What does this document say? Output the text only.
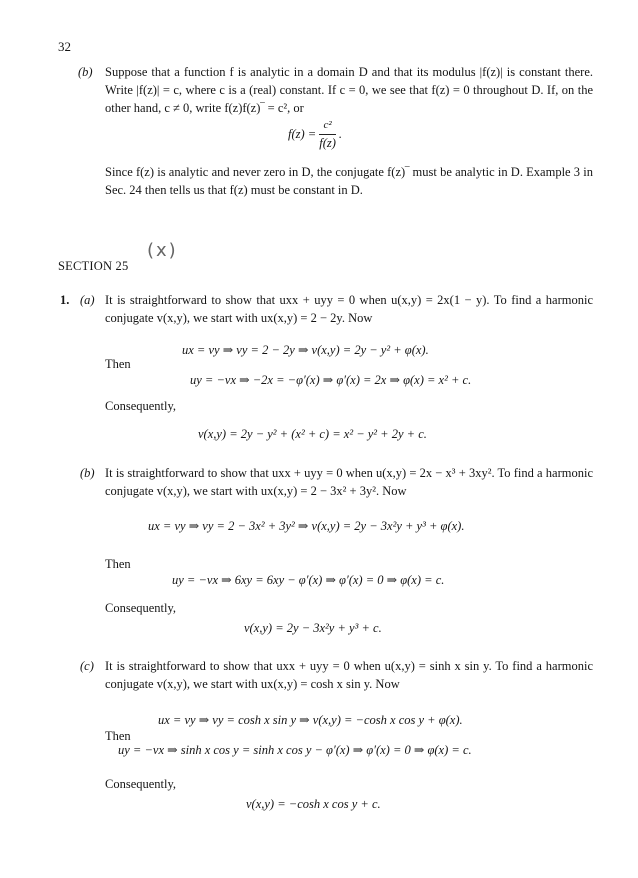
32
(b) Suppose that a function f is analytic in a domain D and that its modulus |f(z)| is constant there. Write |f(z)| = c, where c is a (real) constant. If c = 0, we see that f(z) = 0 throughout D. If, on the other hand, c ≠ 0, write f(z)f(z)‾ = c², or
$f(z) = \frac{\text{c²}}{f(z)}$ .
Since f(z) is analytic and never zero in D, the conjugate f(z)‾ must be analytic in D. Example 3 in Sec. 24 then tells us that f(z) must be constant in D.
SECTION 25
(x)
1. (a) It is straightforward to show that uxx + uyy = 0 when u(x,y) = 2x(1 − y). To find a harmonic conjugate v(x,y), we start with ux(x,y) = 2 − 2y. Now
ux = vy ⇒ vy = 2 − 2y ⇒ v(x,y) = 2y − y² + φ(x).
Then
uy = −vx ⇒ −2x = −φ′(x) ⇒ φ′(x) = 2x ⇒ φ(x) = x² + c.
Consequently,
v(x,y) = 2y − y² + (x² + c) = x² − y² + 2y + c.
(b) It is straightforward to show that uxx + uyy = 0 when u(x,y) = 2x − x³ + 3xy². To find a harmonic conjugate v(x,y), we start with ux(x,y) = 2 − 3x² + 3y². Now
ux = vy ⇒ vy = 2 − 3x² + 3y² ⇒ v(x,y) = 2y − 3x²y + y³ + φ(x).
Then
uy = −vx ⇒ 6xy = 6xy − φ′(x) ⇒ φ′(x) = 0 ⇒ φ(x) = c.
Consequently,
v(x,y) = 2y − 3x²y + y³ + c.
(c) It is straightforward to show that uxx + uyy = 0 when u(x,y) = sinh x sin y. To find a harmonic conjugate v(x,y), we start with ux(x,y) = cosh x sin y. Now
ux = vy ⇒ vy = cosh x sin y ⇒ v(x,y) = −cosh x cos y + φ(x).
Then
uy = −vx ⇒ sinh x cos y = sinh x cos y − φ′(x) ⇒ φ′(x) = 0 ⇒ φ(x) = c.
Consequently,
v(x,y) = −cosh x cos y + c.
